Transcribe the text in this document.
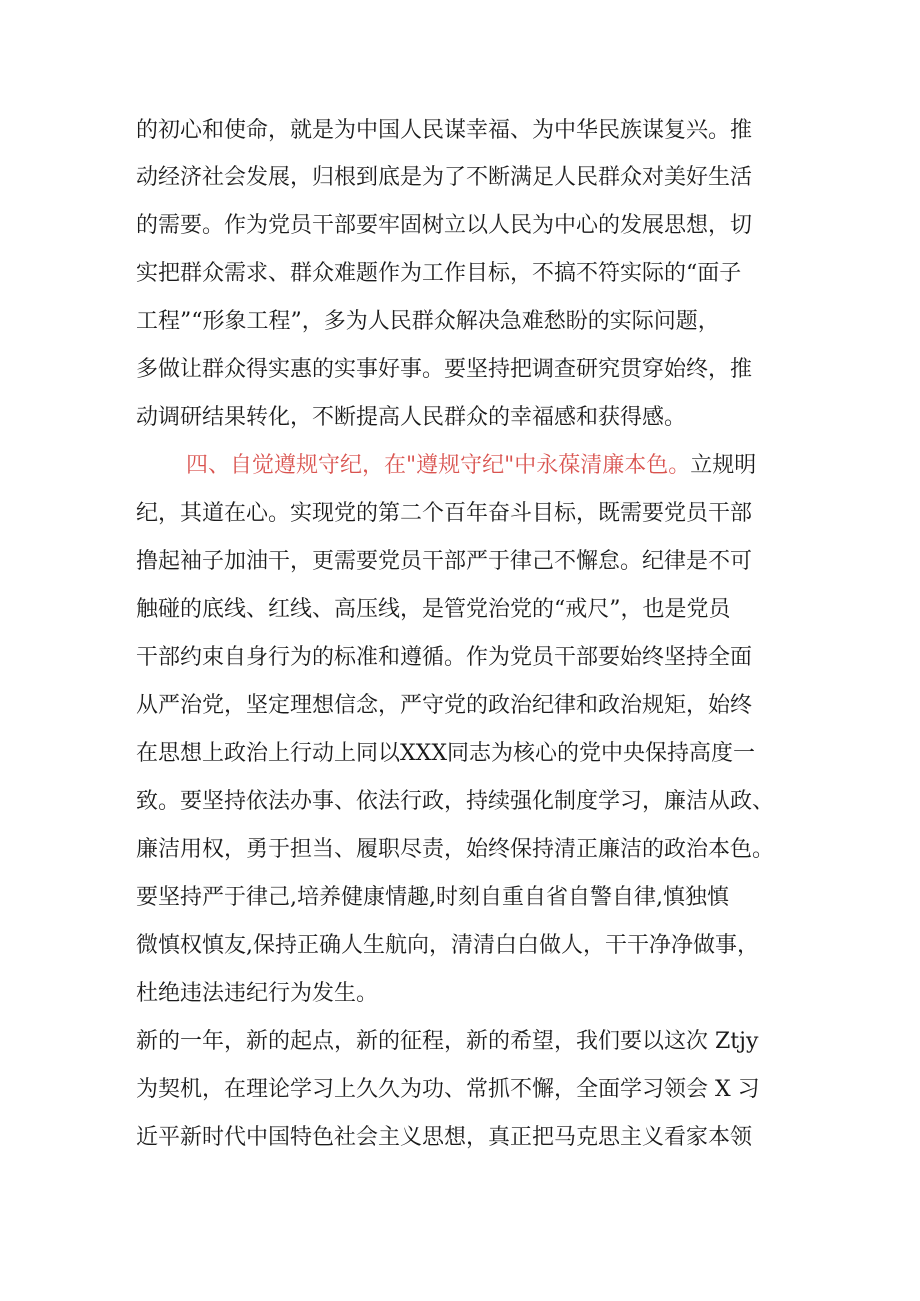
的初心和使命，就是为中国人民谋幸福、为中华民族谋复兴。推
动经济社会发展，归根到底是为了不断满足人民群众对美好生活
的需要。作为党员干部要牢固树立以人民为中心的发展思想，切
实把群众需求、群众难题作为工作目标，不搞不符实际的“面子
工程”“形象工程”，多为人民群众解决急难愁盼的实际问题，
多做让群众得实惠的实事好事。要坚持把调查研究贯穿始终，推
动调研结果转化，不断提高人民群众的幸福感和获得感。
四、自觉遵规守纪，在"遵规守纪"中永葆清廉本色。立规明
纪，其道在心。实现党的第二个百年奋斗目标，既需要党员干部
撸起袖子加油干，更需要党员干部严于律己不懈怠。纪律是不可
触碰的底线、红线、高压线，是管党治党的“戒尺”，也是党员
干部约束自身行为的标准和遵循。作为党员干部要始终坚持全面
从严治党，坚定理想信念，严守党的政治纪律和政治规矩，始终
在思想上政治上行动上同以XXX同志为核心的党中央保持高度一
致。要坚持依法办事、依法行政，持续强化制度学习，廉洁从政、
廉洁用权，勇于担当、履职尽责，始终保持清正廉洁的政治本色。
要坚持严于律己,培养健康情趣,时刻自重自省自警自律,慎独慎
微慎权慎友,保持正确人生航向，清清白白做人，干干净净做事，
杜绝违法违纪行为发生。
新的一年，新的起点，新的征程，新的希望，我们要以这次 Ztjy
为契机，在理论学习上久久为功、常抓不懈，全面学习领会 X 习
近平新时代中国特色社会主义思想，真正把马克思主义看家本领
